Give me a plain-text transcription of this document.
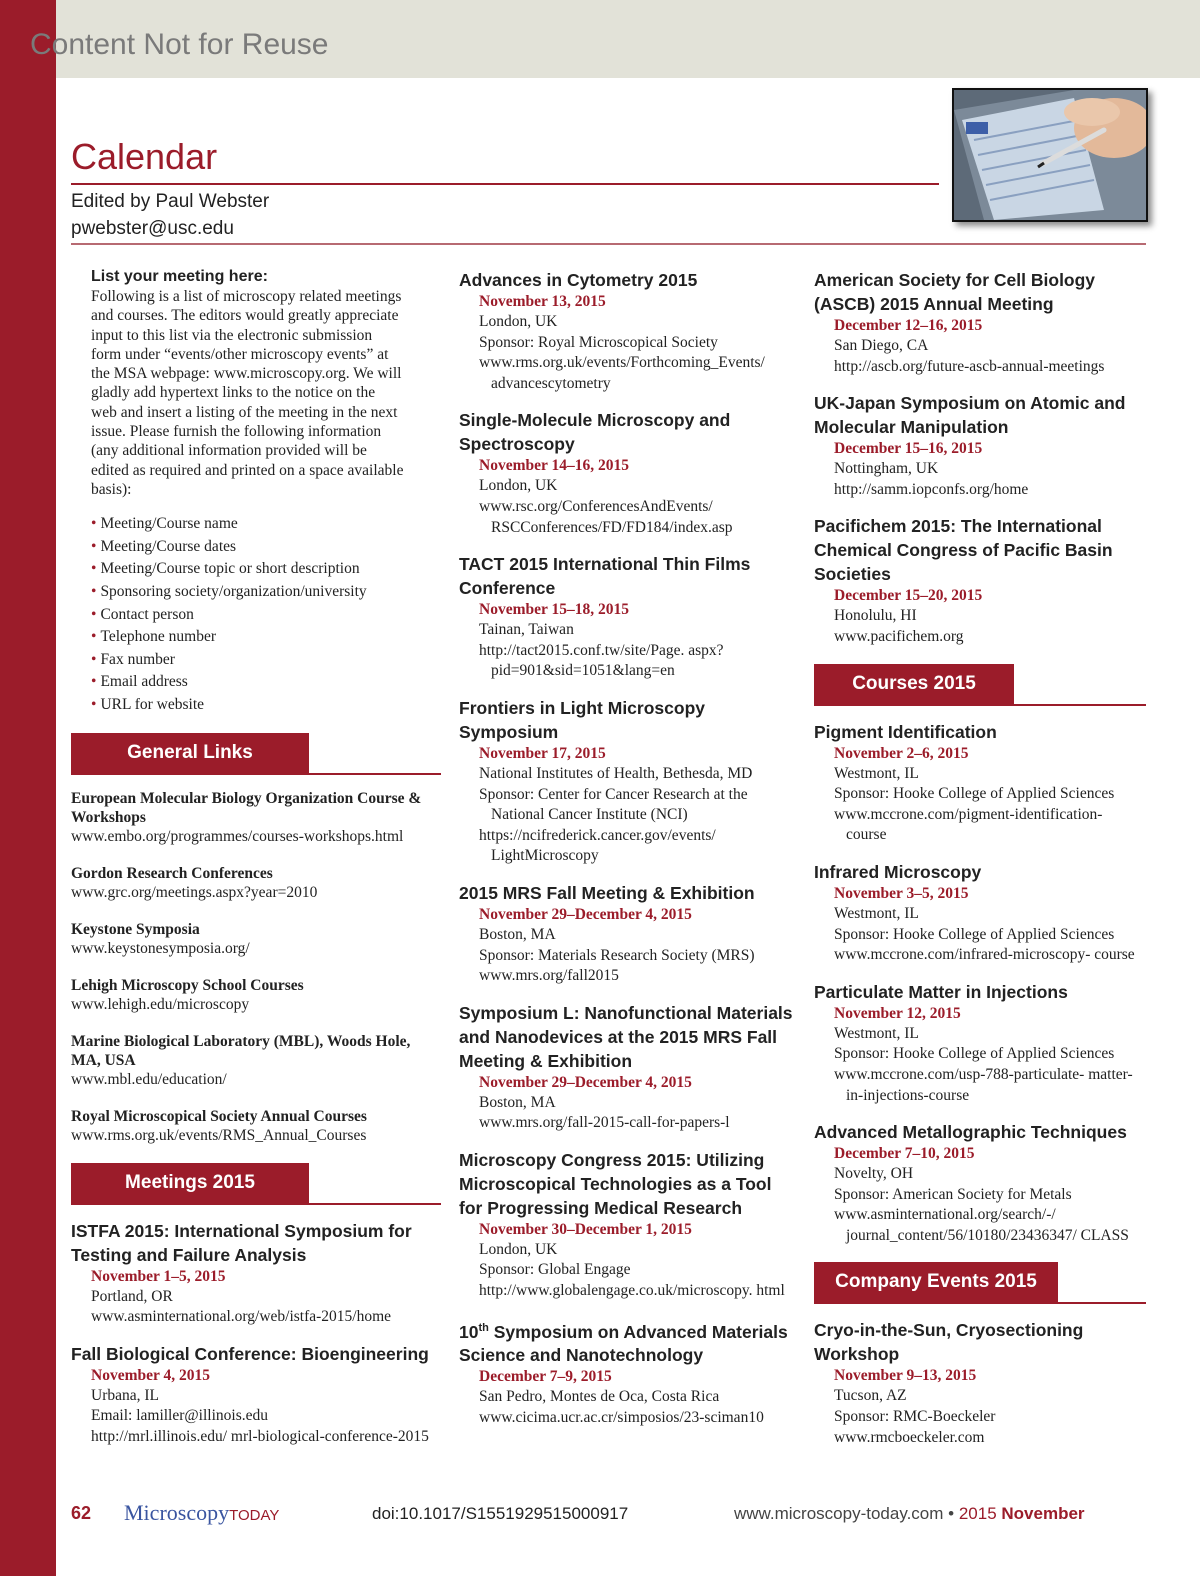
Content Not for Reuse
Calendar
Edited by Paul Webster
pwebster@usc.edu
List your meeting here:
Following is a list of microscopy related meetings
and courses. The editors would greatly appreciate
input to this list via the electronic submission
form under “events/other microscopy events” at
the MSA webpage: www.microscopy.org. We will
gladly add hypertext links to the notice on the
web and insert a listing of the meeting in the next
issue. Please furnish the following information
(any additional information provided will be
edited as required and printed on a space available
basis):
• Meeting/Course name
• Meeting/Course dates
• Meeting/Course topic or short description
• Sponsoring society/organization/university
• Contact person
• Telephone number
• Fax number
• Email address
• URL for website
General Links
European Molecular Biology Organization Course & Workshops
www.embo.org/programmes/courses-workshops.html
Gordon Research Conferences
www.grc.org/meetings.aspx?year=2010
Keystone Symposia
www.keystonesymposia.org/
Lehigh Microscopy School Courses
www.lehigh.edu/microscopy
Marine Biological Laboratory (MBL), Woods Hole, MA, USA
www.mbl.edu/education/
Royal Microscopical Society Annual Courses
www.rms.org.uk/events/RMS_Annual_Courses
Meetings 2015
ISTFA 2015: International Symposium for Testing and Failure Analysis
November 1–5, 2015
Portland, OR
www.asminternational.org/web/istfa-2015/home
Fall Biological Conference: Bioengineering
November 4, 2015
Urbana, IL
Email: lamiller@illinois.edu
http://mrl.illinois.edu/ mrl-biological-conference-2015
Advances in Cytometry 2015
November 13, 2015
London, UK
Sponsor: Royal Microscopical Society
www.rms.org.uk/events/Forthcoming_Events/ advancescytometry
Single-Molecule Microscopy and Spectroscopy
November 14–16, 2015
London, UK
www.rsc.org/ConferencesAndEvents/ RSCConferences/FD/FD184/index.asp
TACT 2015 International Thin Films Conference
November 15–18, 2015
Tainan, Taiwan
http://tact2015.conf.tw/site/Page. aspx?pid=901&sid=1051&lang=en
Frontiers in Light Microscopy Symposium
November 17, 2015
National Institutes of Health, Bethesda, MD
Sponsor: Center for Cancer Research at the National Cancer Institute (NCI)
https://ncifrederick.cancer.gov/events/ LightMicroscopy
2015 MRS Fall Meeting & Exhibition
November 29–December 4, 2015
Boston, MA
Sponsor: Materials Research Society (MRS)
www.mrs.org/fall2015
Symposium L: Nanofunctional Materials and Nanodevices at the 2015 MRS Fall Meeting & Exhibition
November 29–December 4, 2015
Boston, MA
www.mrs.org/fall-2015-call-for-papers-l
Microscopy Congress 2015: Utilizing Microscopical Technologies as a Tool for Progressing Medical Research
November 30–December 1, 2015
London, UK
Sponsor: Global Engage
http://www.globalengage.co.uk/microscopy. html
10th Symposium on Advanced Materials Science and Nanotechnology
December 7–9, 2015
San Pedro, Montes de Oca, Costa Rica
www.cicima.ucr.ac.cr/simposios/23-sciman10
American Society for Cell Biology (ASCB) 2015 Annual Meeting
December 12–16, 2015
San Diego, CA
http://ascb.org/future-ascb-annual-meetings
UK-Japan Symposium on Atomic and Molecular Manipulation
December 15–16, 2015
Nottingham, UK
http://samm.iopconfs.org/home
Pacifichem 2015: The International Chemical Congress of Pacific Basin Societies
December 15–20, 2015
Honolulu, HI
www.pacifichem.org
Courses 2015
Pigment Identification
November 2–6, 2015
Westmont, IL
Sponsor: Hooke College of Applied Sciences
www.mccrone.com/pigment-identification- course
Infrared Microscopy
November 3–5, 2015
Westmont, IL
Sponsor: Hooke College of Applied Sciences
www.mccrone.com/infrared-microscopy- course
Particulate Matter in Injections
November 12, 2015
Westmont, IL
Sponsor: Hooke College of Applied Sciences
www.mccrone.com/usp-788-particulate- matter-in-injections-course
Advanced Metallographic Techniques
December 7–10, 2015
Novelty, OH
Sponsor: American Society for Metals
www.asminternational.org/search/-/ journal_content/56/10180/23436347/ CLASS
Company Events 2015
Cryo-in-the-Sun, Cryosectioning Workshop
November 9–13, 2015
Tucson, AZ
Sponsor: RMC-Boeckeler
www.rmcboeckeler.com
62 MicroscopyTODAY	doi:10.1017/S1551929515000917	www.microscopy-today.com • 2015 November
